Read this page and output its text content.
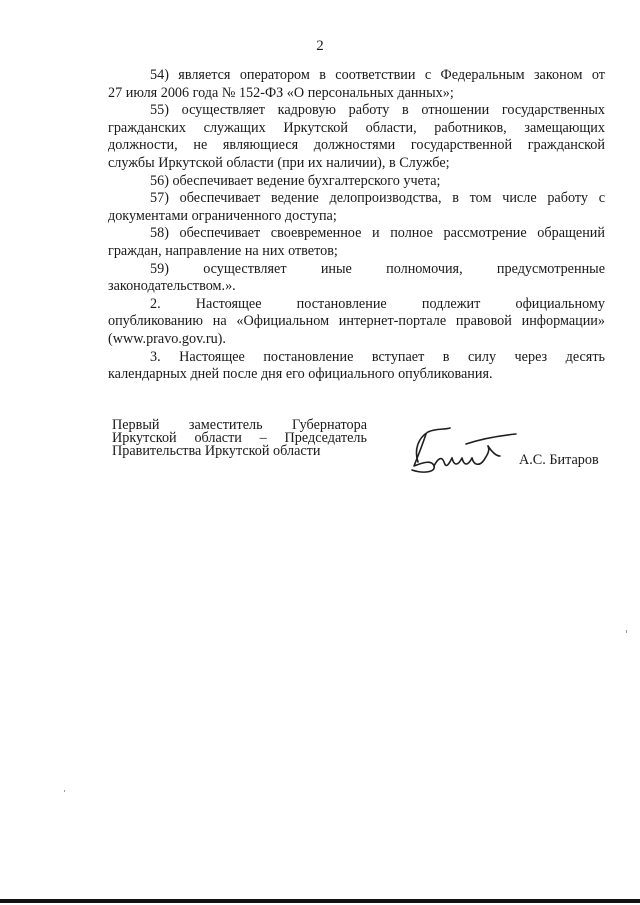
2
54) является оператором в соответствии с Федеральным законом от
27 июля 2006 года № 152-ФЗ «О персональных данных»;
55) осуществляет кадровую работу в отношении государственных
гражданских служащих Иркутской области, работников, замещающих
должности, не являющиеся должностями государственной гражданской
службы Иркутской области (при их наличии), в Службе;
56) обеспечивает ведение бухгалтерского учета;
57) обеспечивает ведение делопроизводства, в том числе работу с
документами ограниченного доступа;
58) обеспечивает своевременное и полное рассмотрение обращений
граждан, направление на них ответов;
59) осуществляет иные полномочия, предусмотренные
законодательством.».
2. Настоящее постановление подлежит официальному
опубликованию на «Официальном интернет-портале правовой информации»
(www.pravo.gov.ru).
3. Настоящее постановление вступает в силу через десять
календарных дней после дня его официального опубликования.
Первый заместитель Губернатора
Иркутской области – Председатель
Правительства Иркутской области
А.С. Битаров
